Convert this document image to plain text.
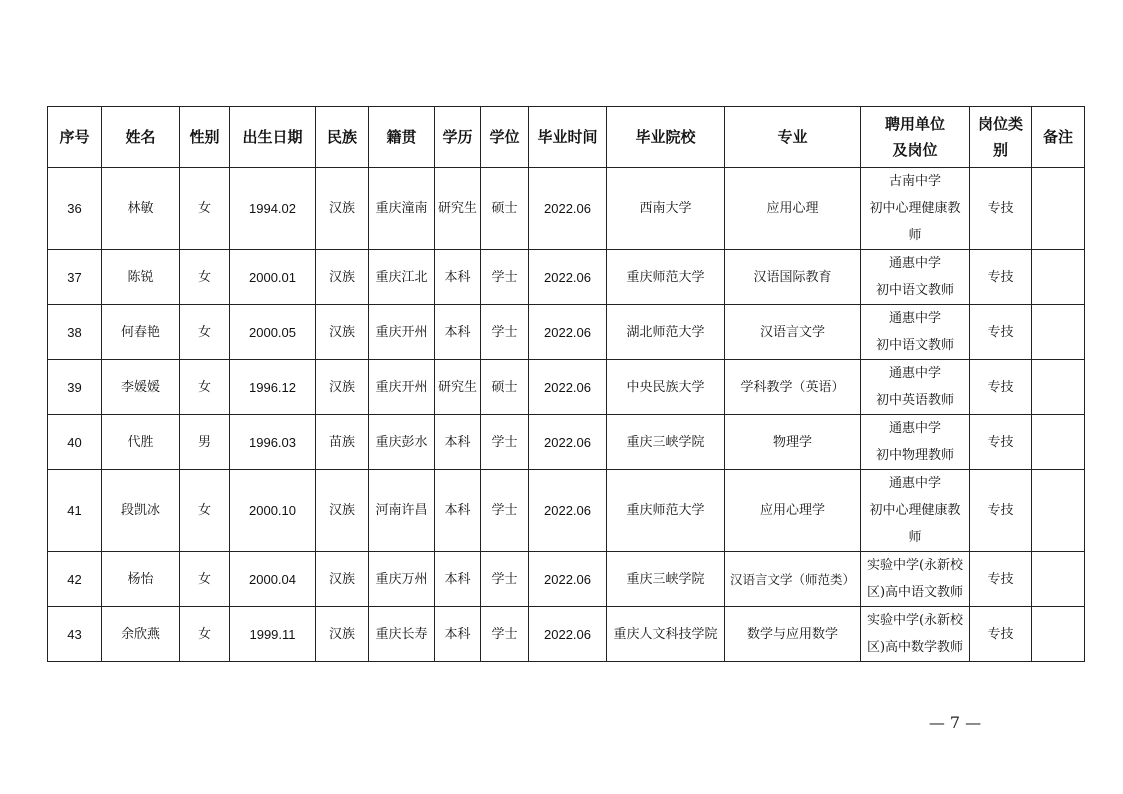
序号	姓名	性别	出生日期	民族	籍贯	学历	学位	毕业时间	毕业院校	专业	聘用单位
及岗位	岗位类
别	备注
36	林敏	女	1994.02	汉族	重庆潼南	研究生	硕士	2022.06	西南大学	应用心理	古南中学
初中心理健康教
师	专技	
37	陈锐	女	2000.01	汉族	重庆江北	本科	学士	2022.06	重庆师范大学	汉语国际教育	通惠中学
初中语文教师	专技	
38	何春艳	女	2000.05	汉族	重庆开州	本科	学士	2022.06	湖北师范大学	汉语言文学	通惠中学
初中语文教师	专技	
39	李媛媛	女	1996.12	汉族	重庆开州	研究生	硕士	2022.06	中央民族大学	学科教学（英语）	通惠中学
初中英语教师	专技	
40	代胜	男	1996.03	苗族	重庆彭水	本科	学士	2022.06	重庆三峡学院	物理学	通惠中学
初中物理教师	专技	
41	段凯冰	女	2000.10	汉族	河南许昌	本科	学士	2022.06	重庆师范大学	应用心理学	通惠中学
初中心理健康教
师	专技	
42	杨怡	女	2000.04	汉族	重庆万州	本科	学士	2022.06	重庆三峡学院	汉语言文学（师范类）	实验中学(永新校
区)高中语文教师	专技	
43	余欣燕	女	1999.11	汉族	重庆长寿	本科	学士	2022.06	重庆人文科技学院	数学与应用数学	实验中学(永新校
区)高中数学教师	专技	
— 7 —
